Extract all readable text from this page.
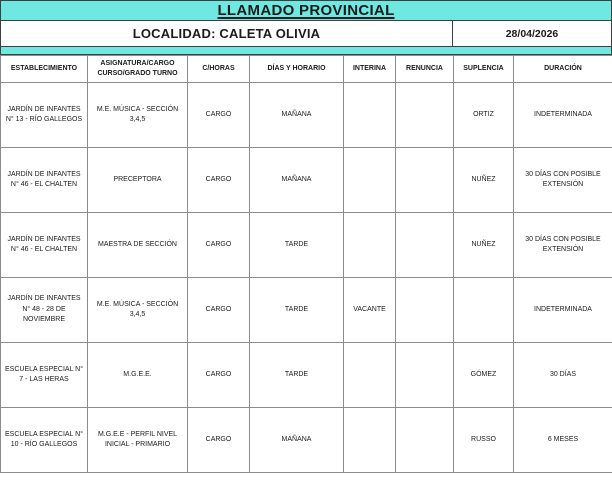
LLAMADO PROVINCIAL
LOCALIDAD: CALETA OLIVIA	28/04/2026
ESTABLECIMIENTO	ASIGNATURA/CARGO CURSO/GRADO TURNO	C/HORAS	DÍAS Y HORARIO	INTERINA	RENUNCIA	SUPLENCIA	DURACIÓN
JARDÍN DE INFANTES N° 13 - RÍO GALLEGOS	M.E. MÚSICA - SECCIÓN 3,4,5	CARGO	MAÑANA			ORTIZ	INDETERMINADA
JARDÍN DE INFANTES N° 46 - EL CHALTEN	PRECEPTORA	CARGO	MAÑANA			NUÑEZ	30 DÍAS CON POSIBLE EXTENSIÓN
JARDÍN DE INFANTES N° 46 - EL CHALTEN	MAESTRA DE SECCIÓN	CARGO	TARDE			NUÑEZ	30 DÍAS CON POSIBLE EXTENSIÓN
JARDÍN DE INFANTES N° 48 - 28 DE NOVIEMBRE	M.E. MÚSICA - SECCIÓN 3,4,5	CARGO	TARDE	VACANTE			INDETERMINADA
ESCUELA ESPECIAL N° 7 - LAS HERAS	M.G.E.E.	CARGO	TARDE			GÓMEZ	30 DÍAS
ESCUELA ESPECIAL N° 10 - RÍO GALLEGOS	M.G.E.E - PERFIL NIVEL INICIAL - PRIMARIO	CARGO	MAÑANA			RUSSO	6 MESES
